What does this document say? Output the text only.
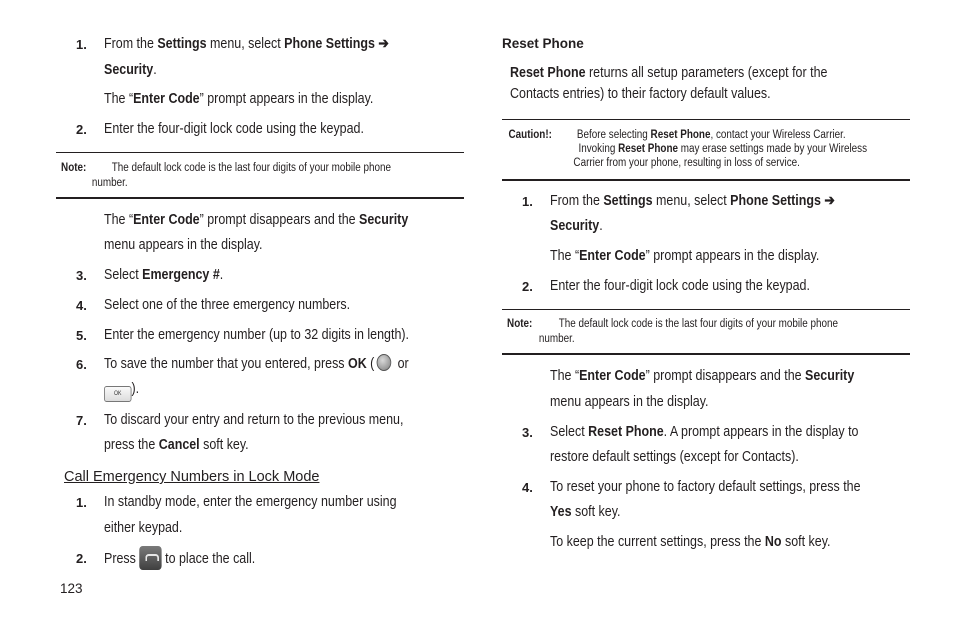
1. From the Settings menu, select Phone Settings ➔
Security.
The “Enter Code” prompt appears in the display.
2. Enter the four-digit lock code using the keypad.
Note: The default lock code is the last four digits of your mobile phone
number.
The “Enter Code” prompt disappears and the Security
menu appears in the display.
3. Select Emergency #.
4. Select one of the three emergency numbers.
5. Enter the emergency number (up to 32 digits in length).
6. To save the number that you entered, press OK ( or
OK ).
7. To discard your entry and return to the previous menu,
press the Cancel soft key.
Call Emergency Numbers in Lock Mode
1. In standby mode, enter the emergency number using
either keypad.
2. Press to place the call.
Reset Phone
Reset Phone returns all setup parameters (except for the
Contacts entries) to their factory default values.
Caution!: Before selecting Reset Phone, contact your Wireless Carrier.
Invoking Reset Phone may erase settings made by your Wireless
Carrier from your phone, resulting in loss of service.
1. From the Settings menu, select Phone Settings ➔
Security.
The “Enter Code” prompt appears in the display.
2. Enter the four-digit lock code using the keypad.
Note: The default lock code is the last four digits of your mobile phone
number.
The “Enter Code” prompt disappears and the Security
menu appears in the display.
3. Select Reset Phone. A prompt appears in the display to
restore default settings (except for Contacts).
4. To reset your phone to factory default settings, press the
Yes soft key.
To keep the current settings, press the No soft key.
123
